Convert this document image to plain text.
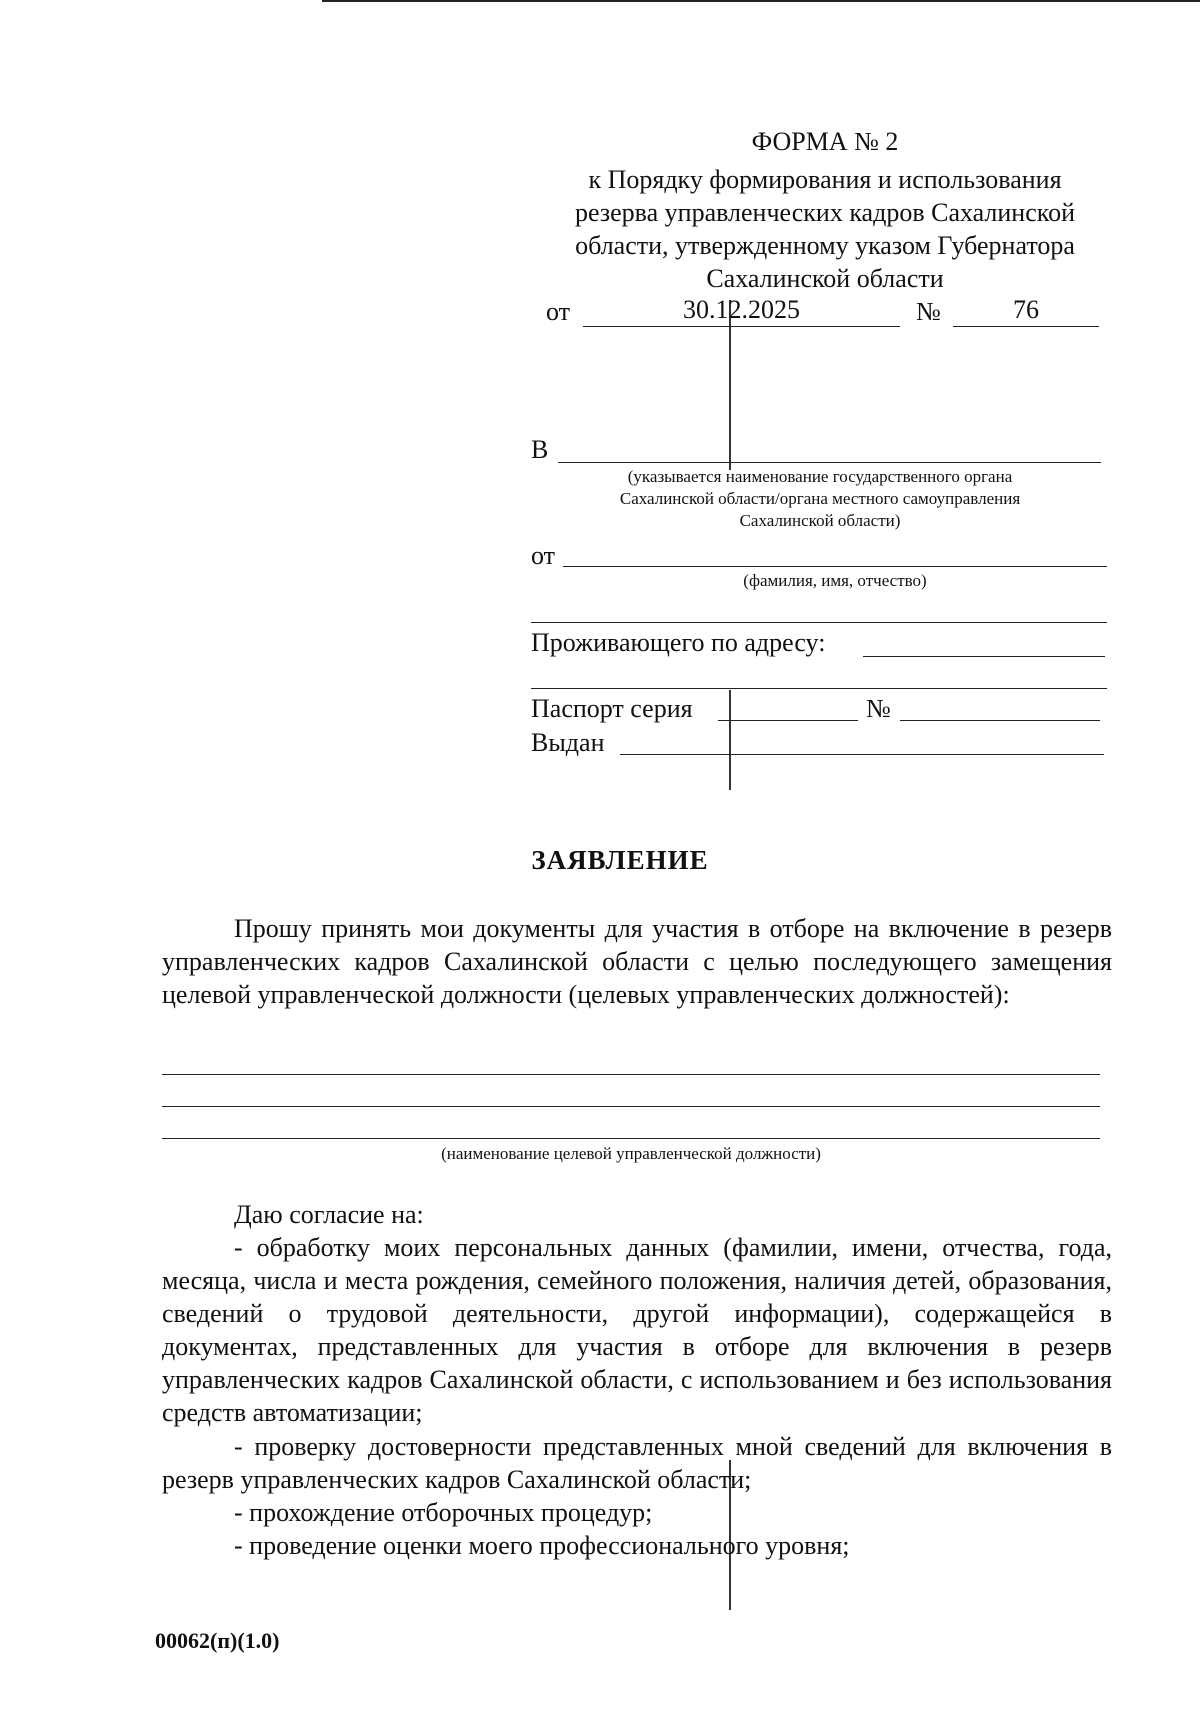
ФОРМА № 2
к Порядку формирования и использования
резерва управленческих кадров Сахалинской
области, утвержденному указом Губернатора
Сахалинской области
от	30.12.2025	№	76
В
(указывается наименование государственного органа Сахалинской области/органа местного самоуправления Сахалинской области)
от
(фамилия, имя, отчество)
Проживающего по адресу:
Паспорт серия	№
Выдан
ЗАЯВЛЕНИЕ
Прошу принять мои документы для участия в отборе на включение в резерв управленческих кадров Сахалинской области с целью последующего замещения целевой управленческой должности (целевых управленческих должностей):
(наименование целевой управленческой должности)
Даю согласие на:
- обработку моих персональных данных (фамилии, имени, отчества, года, месяца, числа и места рождения, семейного положения, наличия детей, образования, сведений о трудовой деятельности, другой информации), содержащейся в документах, представленных для участия в отборе для включения в резерв управленческих кадров Сахалинской области, с использованием и без использования средств автоматизации;
- проверку достоверности представленных мной сведений для включения в резерв управленческих кадров Сахалинской области;
- прохождение отборочных процедур;
- проведение оценки моего профессионального уровня;
00062(п)(1.0)
